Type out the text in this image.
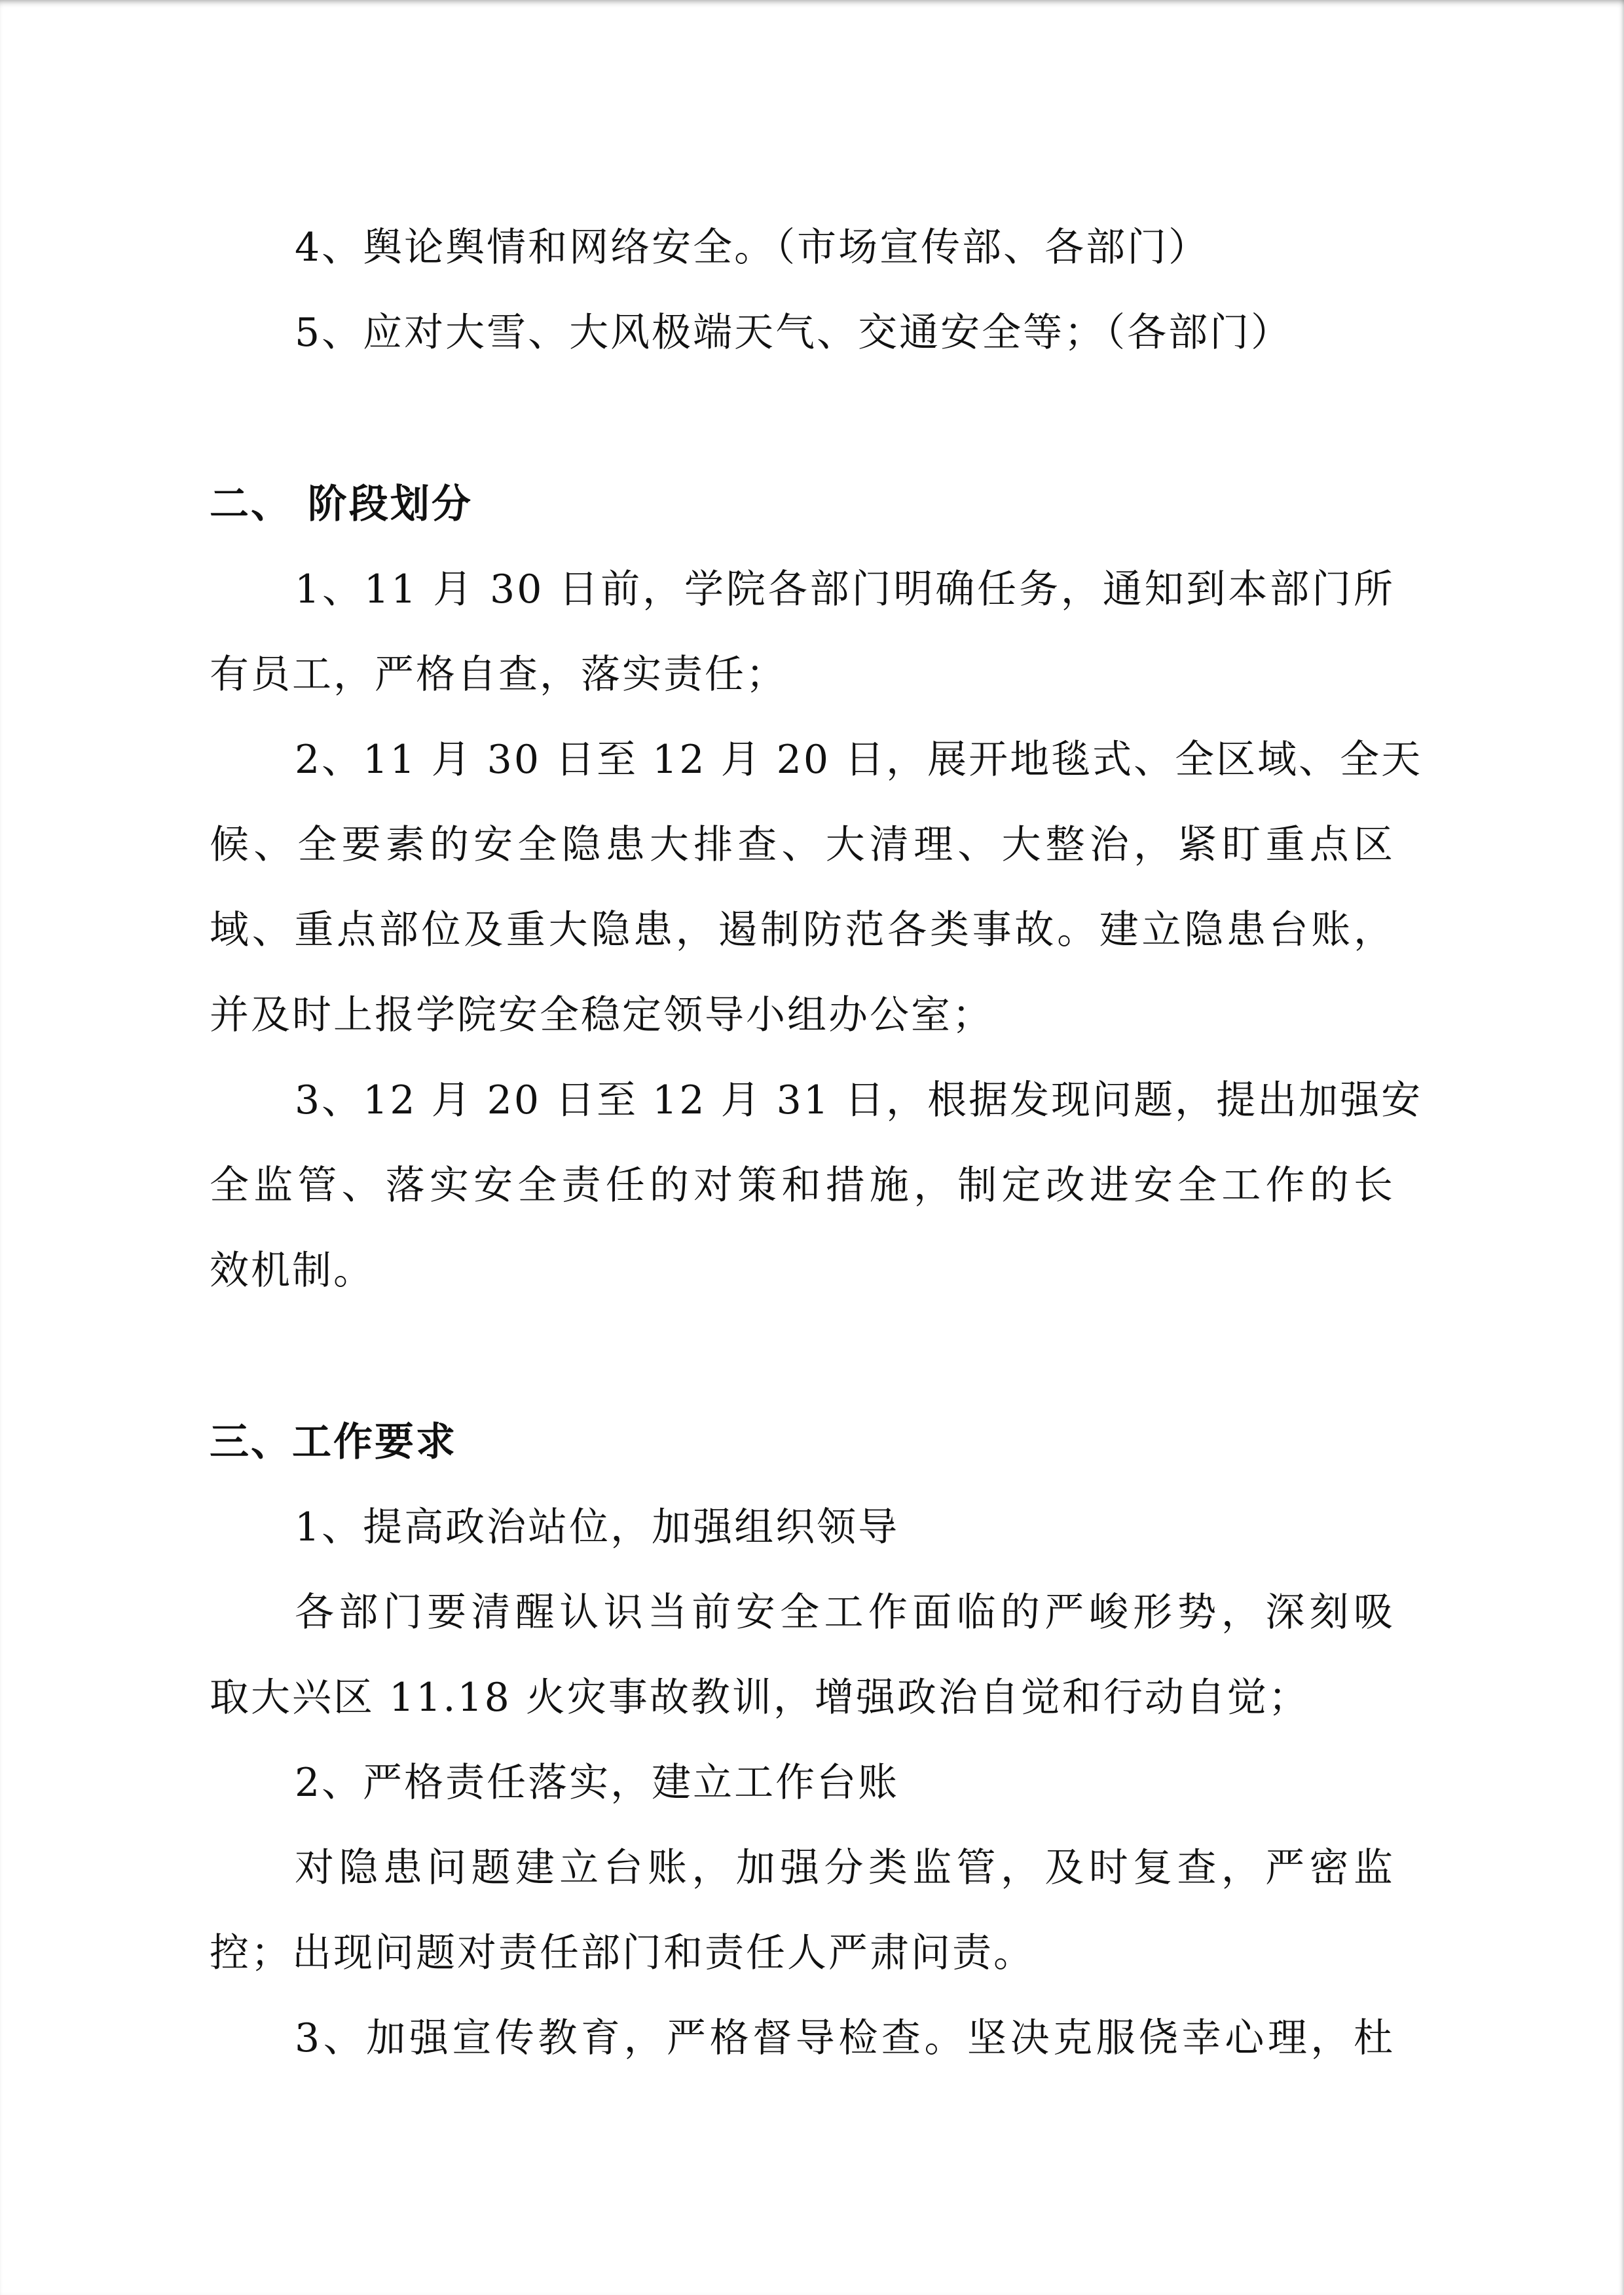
4、舆论舆情和网络安全。（市场宣传部、各部门）
5、应对大雪、大风极端天气、交通安全等；（各部门）
二、 阶段划分
1、11 月 30 日前，学院各部门明确任务，通知到本部门所
有员工，严格自查，落实责任；
2、11 月 30 日至 12 月 20 日，展开地毯式、全区域、全天
候、全要素的安全隐患大排查、大清理、大整治，紧盯重点区
域、重点部位及重大隐患，遏制防范各类事故。建立隐患台账，
并及时上报学院安全稳定领导小组办公室；
3、12 月 20 日至 12 月 31 日，根据发现问题，提出加强安
全监管、落实安全责任的对策和措施，制定改进安全工作的长
效机制。
三、工作要求
1、提高政治站位，加强组织领导
各部门要清醒认识当前安全工作面临的严峻形势，深刻吸
取大兴区 11.18 火灾事故教训，增强政治自觉和行动自觉；
2、严格责任落实，建立工作台账
对隐患问题建立台账，加强分类监管，及时复查，严密监
控；出现问题对责任部门和责任人严肃问责。
3、加强宣传教育，严格督导检查。坚决克服侥幸心理，杜
